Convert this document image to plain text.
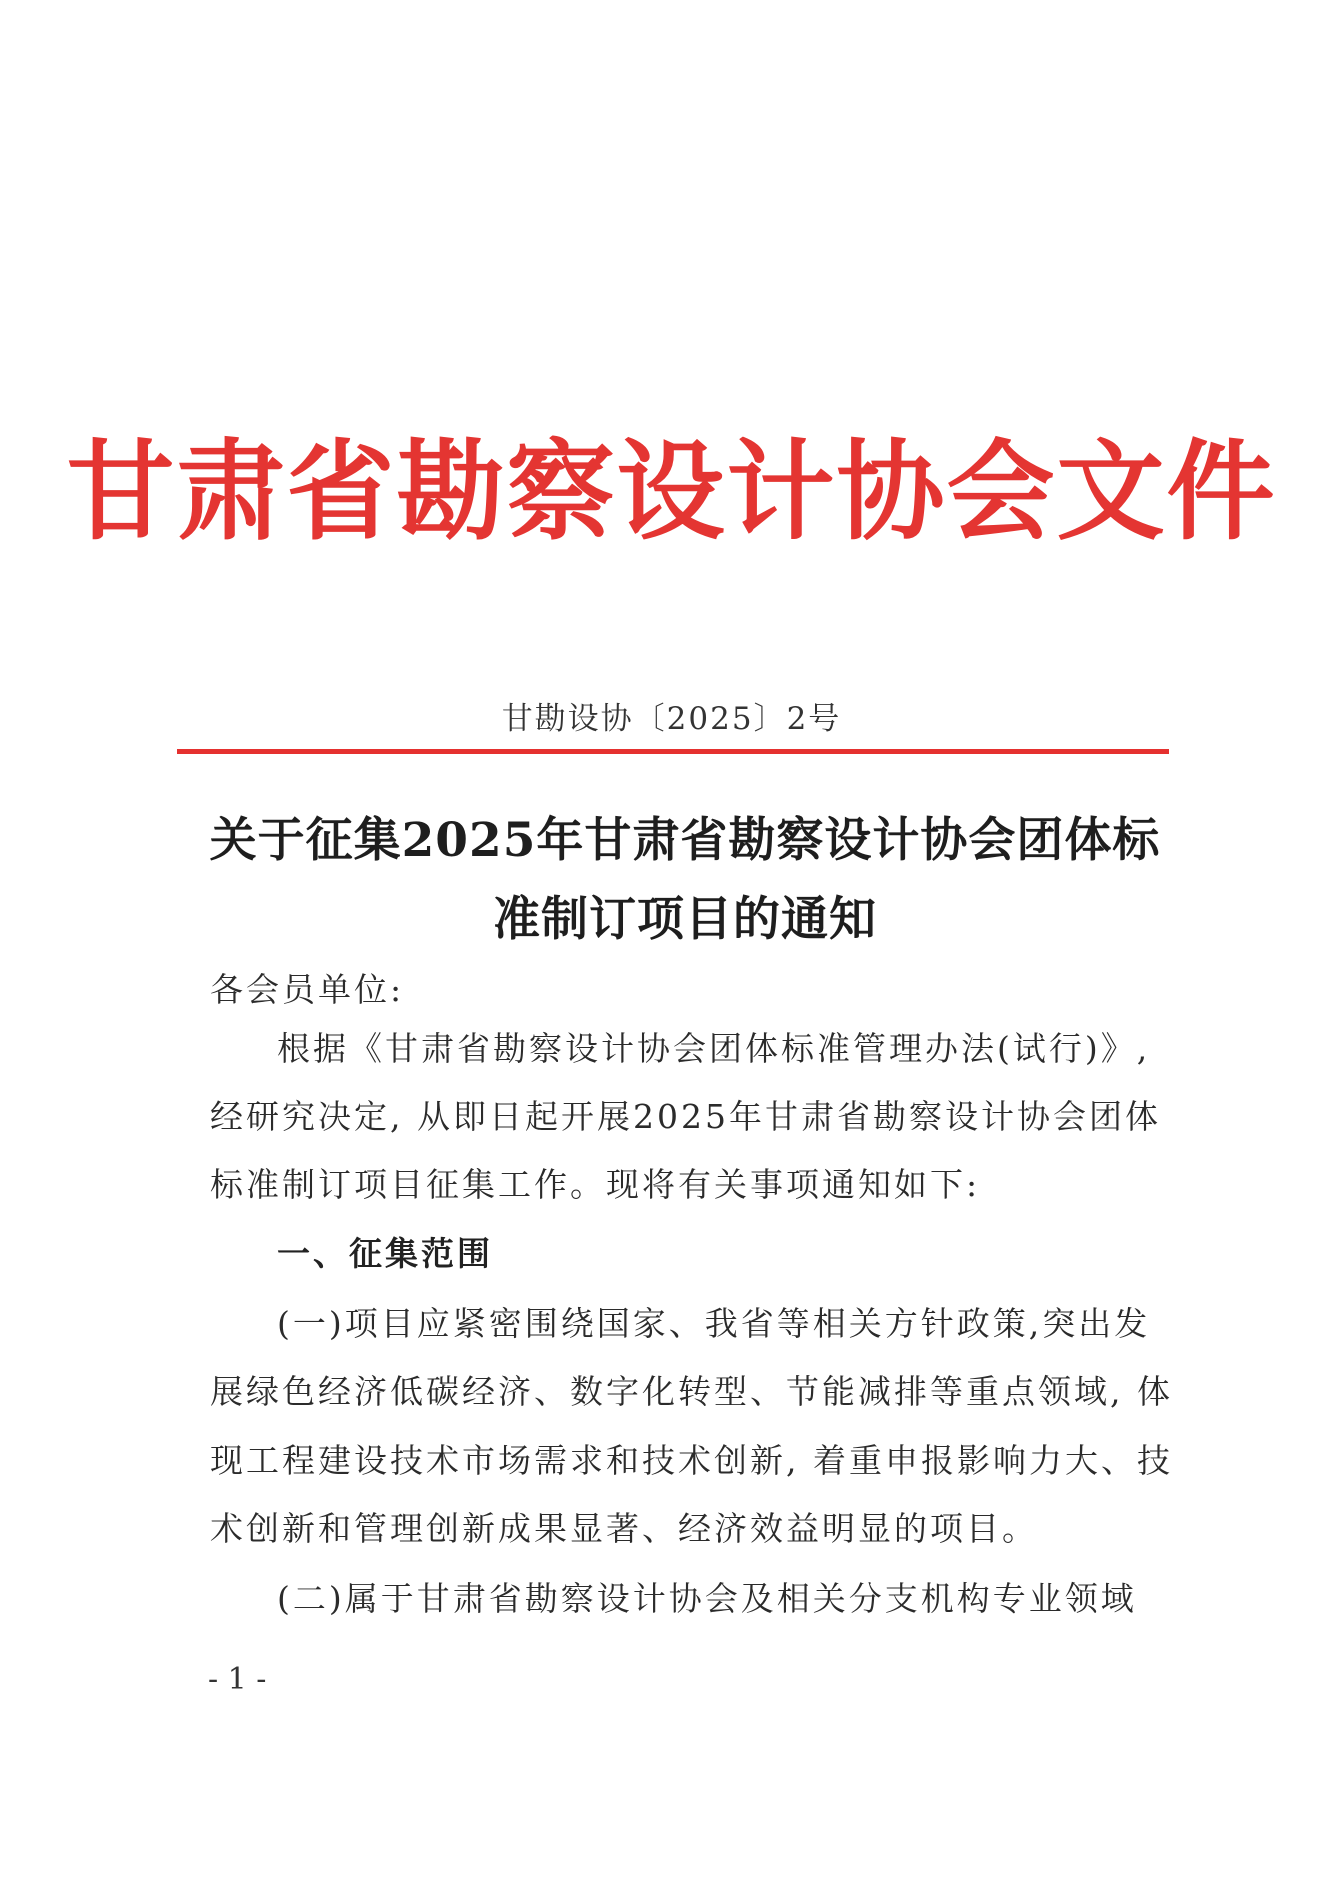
甘肃省勘察设计协会文件
甘勘设协〔2025〕2号
关于征集2025年甘肃省勘察设计协会团体标
准制订项目的通知
各会员单位:
根据《甘肃省勘察设计协会团体标准管理办法(试行)》,
经研究决定, 从即日起开展2025年甘肃省勘察设计协会团体
标准制订项目征集工作。现将有关事项通知如下:
一、征集范围
(一)项目应紧密围绕国家、我省等相关方针政策,突出发
展绿色经济低碳经济、数字化转型、节能减排等重点领域, 体
现工程建设技术市场需求和技术创新, 着重申报影响力大、技
术创新和管理创新成果显著、经济效益明显的项目。
(二)属于甘肃省勘察设计协会及相关分支机构专业领域
- 1 -
